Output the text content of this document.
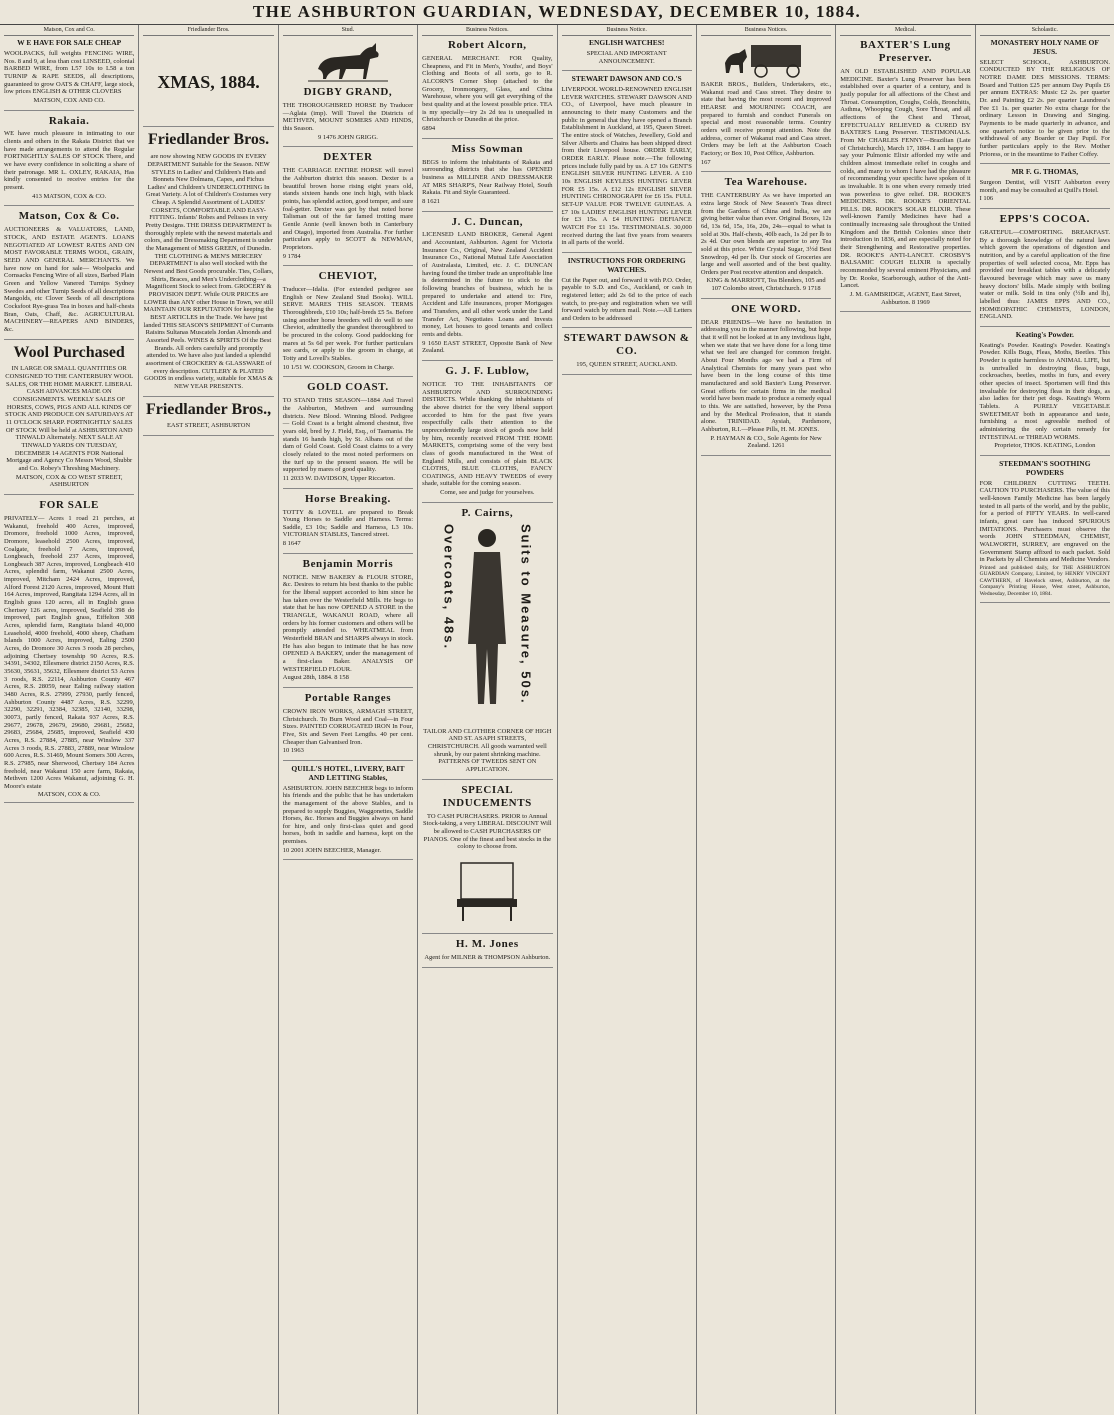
THE ASHBURTON GUARDIAN, WEDNESDAY, DECEMBER 10, 1884.
Matson, Cox and Co.
W E HAVE FOR SALE CHEAP

WOOLPACKS, full weights FENCING WIRE, Nos. 8 and 9, at less than cost LINSEED, colonial BARBED WIRE, from L57 10s to L58 a ton TURNIP & RAPE SEEDS, all descriptions, guaranteed to grow OATS & CHAFF, large stock, low prices ENGLISH & OTHER CLOVERS

MATSON, COX AND CO.

Rakaia.

WE have much pleasure in intimating to our clients and others in the Rakaia District that we have made arrangements to attend the Regular FORTNIGHTLY SALES OF STOCK There, and we have every confidence in soliciting a share of their patronage. MR L. OXLEY, RAKAIA, Has kindly consented to receive entries for the present.

413 MATSON, COX & CO.

Matson, Cox & Co.

AUCTIONEERS & VALUATORS, LAND, STOCK, AND ESTATE AGENTS. LOANS NEGOTIATED AT LOWEST RATES AND ON MOST FAVORABLE TERMS WOOL, GRAIN, SEED AND GENERAL MERCHANTS. We have now on hand for sale— Woolpacks and Cornsacks Fencing Wire of all sizes, Barbed Plain Green and Yellow Vanered Turnips Sydney Swedes and other Turnip Seeds of all descriptions Mangolds, etc Clover Seeds of all descriptions Cocksfoot Rye-grass Tea in boxes and half-chests Bran, Oats, Chaff, &c. AGRICULTURAL MACHINERY—REAPERS AND BINDERS, &c.

Wool Purchased

IN LARGE OR SMALL QUANTITIES OR CONSIGNED TO THE CANTERBURY WOOL SALES, OR THE HOME MARKET. LIBERAL CASH ADVANCES MADE ON CONSIGNMENTS. WEEKLY SALES OF HORSES, COWS, PIGS AND ALL KINDS OF STOCK AND PRODUCE ON SATURDAYS AT 11 O'CLOCK SHARP. FORTNIGHTLY SALES OF STOCK Will be held at ASHBURTON AND TINWALD Alternately. NEXT SALE AT TINWALD YARDS ON TUESDAY, DECEMBER 14 AGENTS FOR National Mortgage and Agency Co Messrs Wood, Shubbr and Co. Robey's Threshing Machinery.

MATSON, COX & CO WEST STREET, ASHBURTON

FOR SALE

PRIVATELY— Acres 1 road 21 perches, at Wakanui, freehold 400 Acres, improved, Dromore, freehold 1000 Acres, improved, Dromore, leasehold 2500 Acres, improved, Coalgate, freehold 7 Acres, improved, Longbeach, freehold 237 Acres, improved, Longbeach 387 Acres, improved, Longbeach 410 Acres, splendid farm, Wakanui 2500 Acres, improved, Mitcham 2424 Acres, improved, Alford Forest 2120 Acres, improved, Mount Hutt 164 Acres, improved, Rangitata 1294 Acres, all in English grass 120 acres, all in English grass Chertsey 126 acres, improved, Seafield 398 do improved, part English grass, Eiffelton 308 Acres, splendid farm, Rangitata Island 40,000 Leasehold, 4000 freehold, 4000 sheep, Chatham Islands 1000 Acres, improved, Ealing 2500 Acres, do Dromore 30 Acres 3 roods 28 perches, adjoining Chertsey township 90 Acres, R.S. 34391, 34302, Ellesmere district 2150 Acres, R.S. 35630, 35631, 35632, Ellesmere district 53 Acres 3 roods, R.S. 22114, Ashburton County 467 Acres, R.S. 28059, near Ealing railway station 3480 Acres, R.S. 27999, 27930, partly fenced, Ashburton County 4487 Acres, R.S. 32299, 32290, 32291, 32384, 32385, 32140, 33298, 30073, partly fenced, Rakaia 937 Acres, R.S. 29677, 29678, 29679, 29680, 29681, 25682, 29683, 25684, 25685, improved, Seafield 430 Acres, R.S. 27884, 27885, near Winslow 337 Acres 3 roods, R.S. 27883, 27889, near Winslow 600 Acres, R.S. 31469, Mount Somers 300 Acres, R.S. 27985, near Sherwood, Chertsey 184 Acres freehold, near Wakanui 150 acre farm, Rakaia, Methven 1200 Acres Wakanui, adjoining G. H. Moore's estate

MATSON, COX & CO.

Friedlander Bros.
XMAS, 1884.
Friedlander Bros.

are now showing NEW GOODS IN EVERY DEPARTMENT Suitable for the Season. NEW STYLES in Ladies' and Children's Hats and Bonnets New Dolmans, Capes, and Fichus Ladies' and Children's UNDERCLOTHING In Great Variety. A lot of Children's Costumes very Cheap. A Splendid Assortment of LADIES' CORSETS, COMFORTABLE AND EASY-FITTING. Infants' Robes and Pelisses in very Pretty Designs. THE DRESS DEPARTMENT Is thoroughly replete with the newest materials and colors, and the Dressmaking Department is under the Management of MISS GREEN, of Dunedin. THE CLOTHING & MEN'S MERCERY DEPARTMENT is also well stocked with the Newest and Best Goods procurable. Ties, Collars, Shirts, Braces, and Men's Underclothing—a Magnificent Stock to select from. GROCERY & PROVISION DEPT. While OUR PRICES are LOWER than ANY other House in Town, we still MAINTAIN OUR REPUTATION for keeping the BEST ARTICLES in the Trade. We have just landed THIS SEASON'S SHIPMENT of Currants Raisins Sultanas Muscatels Jordan Almonds and Assorted Peels. WINES & SPIRITS Of the Best Brands. All orders carefully and promptly attended to. We have also just landed a splendid assortment of CROCKERY & GLASSWARE of every description. CUTLERY & PLATED GOODS in endless variety, suitable for XMAS & NEW YEAR PRESENTS.

Friedlander Bros.,

EAST STREET, ASHBURTON

Stud.
DIGBY GRAND,

THE THOROUGHBRED HORSE By Traducer—Aglaia (imp). Will Travel the Districts of METHVEN, MOUNT SOMERS AND HINDS, this Season.

9 1476 JOHN GRIGG.

DEXTER

THE CARRIAGE ENTIRE HORSE will travel the Ashburton district this season. Dexter is a beautiful brown horse rising eight years old, stands sixteen hands one inch high, with black points, has splendid action, good temper, and sure foal-getter. Dexter was got by that noted horse Talisman out of the far famed trotting mare Gentle Annie (well known both in Canterbury and Otago), imported from Australia. For further particulars apply to SCOTT & NEWMAN, Proprietors.

9 1784

CHEVIOT,

Traducer—Idalia. (For extended pedigree see English or New Zealand Stud Books). WILL SERVE MARES THIS SEASON. TERMS Thoroughbreds, £10 10s; half-breds £5 5s. Before using another horse breeders will do well to see Cheviot, admittedly the grandest thoroughbred to be procured in the colony. Good paddocking for mares at 5s 6d per week. For further particulars see cards, or apply to the groom in charge, at Totty and Lovell's Stables.

10 1/51 W. COOKSON, Groom in Charge.

GOLD COAST.

TO STAND THIS SEASON—1884 And Travel the Ashburton, Methven and surrounding districts. New Blood. Winning Blood. Pedigree — Gold Coast is a bright almond chestnut, five years old, bred by J. Field, Esq., of Tasmania. He stands 16 hands high, by St. Albans out of the dam of Gold Coast. Gold Coast claims to a very closely related to the most noted performers on the turf up to the present season. He will be supported by mares of good quality.

11 2033 W. DAVIDSON, Upper Riccarton.

Horse Breaking.

TOTTY & LOVELL are prepared to Break Young Horses to Saddle and Harness. Terms: Saddle, £3 10s; Saddle and Harness, L3 10s. VICTORIAN STABLES, Tancred street.

8 1647

Benjamin Morris

NOTICE. NEW BAKERY & FLOUR STORE, &c. Desires to return his best thanks to the public for the liberal support accorded to him since he has taken over the Westerfield Mills. He begs to state that he has now OPENED A STORE in the TRIANGLE, WAKANUI ROAD, where all orders by his former customers and others will be promptly attended to. WHEATMEAL from Westerfield BRAN and SHARPS always in stock. He has also begun to intimate that he has now OPENED A BAKERY, under the management of a first-class Baker. ANALYSIS OF WESTERFIELD FLOUR.

August 28th, 1884. 8 158

Portable Ranges

CROWN IRON WORKS, ARMAGH STREET, Christchurch. To Burn Wood and Coal—in Four Sizes. PAINTED CORRUGATED IRON In Four, Five, Six and Seven Feet Lengths. 40 per cent. Cheaper than Galvanised Iron.

10 1963

QUILL'S HOTEL, LIVERY, BAIT AND LETTING Stables,

ASHBURTON. JOHN BEECHER begs to inform his friends and the public that he has undertaken the management of the above Stables, and is prepared to supply Buggies, Waggonettes, Saddle Horses, &c. Horses and Buggies always on hand for hire, and only first-class quiet and good horses, both in saddle and harness, kept on the premises.

10 2001 JOHN BEECHER, Manager.

Business Notices.
Robert Alcorn,

GENERAL MERCHANT. FOR Quality, Cheapness, and Fit in Men's, Youths', and Boys' Clothing and Boots of all sorts, go to R. ALCORN'S Corner Shop (attached to the Grocery, Ironmongery, Glass, and China Warehouse, where you will get everything of the best quality and at the lowest possible price. TEA is my specially—try 2s 2d tea is unequalled in Christchurch or Dunedin at the price.

6894

Miss Sowman

BEGS to inform the inhabitants of Rakaia and surrounding districts that she has OPENED business as MILLINER AND DRESSMAKER AT MRS SHARP'S, Near Railway Hotel, South Rakaia. Fit and Style Guaranteed.

8 1621

J. C. Duncan,

LICENSED LAND BROKER, General Agent and Accountant, Ashburton. Agent for Victoria Insurance Co., Original, New Zealand Accident Insurance Co., National Mutual Life Association of Australasia, Limited, etc. J. C. DUNCAN having found the timber trade an unprofitable line is determined in the future to stick to the following branches of business, which he is prepared to undertake and attend to: Fire, Accident and Life insurances, proper Mortgages and Transfers, and all other work under the Land Transfer Act, Negotiates Loans and Invests money, Let houses to good tenants and collect rents and debts.

9 1650 EAST STREET, Opposite Bank of New Zealand.

G. J. F. Lublow,

NOTICE TO THE INHABITANTS OF ASHBURTON AND SURROUNDING DISTRICTS. While thanking the inhabitants of the above district for the very liberal support accorded to him for the past five years respectfully calls their attention to the unprecedentedly large stock of goods now held by him, recently received FROM THE HOME MARKETS, comprising some of the very best class of goods manufactured in the West of England Mills, and consists of plain BLACK CLOTHS, BLUE CLOTHS, FANCY COATINGS, AND HEAVY TWEEDS of every shade, suitable for the coming season.

Come, see and judge for yourselves.

P. Cairns,
Overcoats, 48s.	Suits to Measure, 50s.

TAILOR AND CLOTHIER CORNER OF HIGH AND ST. ASAPH STREETS, CHRISTCHURCH. All goods warranted well shrunk, by our patent shrinking machine. PATTERNS OF TWEEDS SENT ON APPLICATION.

SPECIAL INDUCEMENTS

TO CASH PURCHASERS. PRIOR to Annual Stock-taking, a very LIBERAL DISCOUNT Will be allowed to CASH PURCHASERS OF PIANOS. One of the finest and best stocks in the colony to choose from.

H. M. Jones

Agent for MILNER & THOMPSON Ashburton.

Business Notice.
ENGLISH WATCHES!

SPECIAL AND IMPORTANT ANNOUNCEMENT.

STEWART DAWSON AND CO.'S

LIVERPOOL WORLD-RENOWNED ENGLISH LEVER WATCHES. STEWART DAWSON AND CO., of Liverpool, have much pleasure in announcing to their many Customers and the public in general that they have opened a Branch Establishment in Auckland, at 195, Queen Street. The entire stock of Watches, Jewellery, Gold and Silver Alberts and Chains has been shipped direct from their Liverpool house. ORDER EARLY, ORDER EARLY. Please note.—The following prices include fully paid by us. A £7 10s GENT'S ENGLISH SILVER HUNTING LEVER. A £10 10s ENGLISH KEYLESS HUNTING LEVER FOR £5 15s. A £12 12s ENGLISH SILVER HUNTING CHRONOGRAPH for £6 15s. FULL SET-UP VALUE FOR TWELVE GUINEAS. A £7 10s LADIES' ENGLISH HUNTING LEVER for £3 15s. A £4 HUNTING DEFIANCE WATCH For £1 15s. TESTIMONIALS. 30,000 received during the last five years from wearers in all parts of the world.

INSTRUCTIONS FOR ORDERING WATCHES.

Cut the Paper out, and forward it with P.O. Order, payable to S.D. and Co., Auckland, or cash in registered letter; add 2s 6d to the price of each watch, to pre-pay and registration when we will forward watch by return mail. Note.—All Letters and Orders to be addressed

STEWART DAWSON & CO.

195, QUEEN STREET, AUCKLAND.

Business Notices.

BAKER BROS., Builders, Undertakers, etc., Wakanui road and Cass street. They desire to state that having the most recent and improved HEARSE and MOURNING COACH, are prepared to furnish and conduct Funerals on special and most reasonable terms. Country orders will receive prompt attention. Note the address, corner of Wakanui road and Cass street. Orders may be left at the Ashburton Coach Factory; or Box 10, Post Office, Ashburton.

167

Tea Warehouse.

THE CANTERBURY As we have imported an extra large Stock of New Season's Teas direct from the Gardens of China and India, we are giving better value than ever. Original Boxes, 12s 6d, 13s 6d, 15s, 16s, 20s, 24s—equal to what is sold at 30s. Half-chests, 40lb each, 1s 2d per lb to 2s 4d. Our own blends are superior to any Tea sold at this price. White Crystal Sugar, 3½d Best Snowdrop, 4d per lb. Our stock of Groceries are large and well assorted and of the best quality. Orders per Post receive attention and despatch.

KING & MARRIOTT, Tea Blenders, 105 and 107 Colombo street, Christchurch. 9 1718

ONE WORD.

DEAR FRIENDS—We have no hesitation in addressing you in the manner following, but hope that it will not be looked at in any invidious light, when we state that we have done for a long time what we feel are changed for common freight. About Four Months ago we had a Firm of Analytical Chemists for many years past who have been in the long course of this time manufactured and sold Baxter's Lung Preserver. Great efforts for certain firms in the medical world have been made to produce a remedy equal to this. We are satisfied, however, by the Press and by the Medical Profession, that it stands alone. TRINIDAD. Aysiah, Pardsmore, Ashburton, R.I.—Please Pills, H. M. JONES.

P. HAYMAN & CO., Sole Agents for New Zealand. 1261

Medical.
BAXTER'S Lung Preserver.

AN OLD ESTABLISHED AND POPULAR MEDICINE. Baxter's Lung Preserver has been established over a quarter of a century, and is justly popular for all affections of the Chest and Throat. Consumption, Coughs, Colds, Bronchitis, Asthma, Whooping Cough, Sore Throat, and all affections of the Chest and Throat, EFFECTUALLY RELIEVED & CURED BY BAXTER'S Lung Preserver. TESTIMONIALS. From Mr CHARLES FENNY—Brazilian (Late of Christchurch), March 17, 1884. I am happy to say your Pulmonic Elixir afforded my wife and children almost immediate relief in coughs and colds, and many to whom I have had the pleasure of recommending your specific have spoken of it as invaluable. It is one when every remedy tried was powerless to give relief. DR. ROOKE'S MEDICINES. DR. ROOKE'S ORIENTAL PILLS. DR. ROOKE'S SOLAR ELIXIR. These well-known Family Medicines have had a continually increasing sale throughout the United Kingdom and the British Colonies since their introduction in 1836, and are especially noted for their Strengthening and Restorative properties. DR. ROOKE'S ANTI-LANCET. CROSBY'S BALSAMIC COUGH ELIXIR is specially recommended by several eminent Physicians, and by Dr. Rooke, Scarborough, author of the Anti-Lancet.

J. M. GAMBRIDGE, AGENT, East Street, Ashburton. 8 1969

Scholastic.
MONASTERY HOLY NAME OF JESUS.

SELECT SCHOOL, ASHBURTON. CONDUCTED BY THE RELIGIOUS OF NOTRE DAME DES MISSIONS. TERMS: Board and Tuition £25 per annum Day Pupils £6 per annum EXTRAS: Music £2 2s. per quarter Dr. and Painting £2 2s. per quarter Laundress's Fee £1 1s. per quarter No extra charge for the ordinary Lesson in Drawing and Singing. Payments to be made quarterly in advance, and one quarter's notice to be given prior to the withdrawal of any Boarder or Day Pupil. For further particulars apply to the Rev. Mother Prioress, or in the meantime to Father Coffey.

MR F. G. THOMAS,

Surgeon Dentist, will VISIT Ashburton every month, and may be consulted at Quill's Hotel.

I 106

EPPS'S COCOA.

GRATEFUL—COMFORTING. BREAKFAST. By a thorough knowledge of the natural laws which govern the operations of digestion and nutrition, and by a careful application of the fine properties of well selected cocoa, Mr. Epps has provided our breakfast tables with a delicately flavoured beverage which may save us many heavy doctors' bills. Made simply with boiling water or milk. Sold in tins only (½lb and lb), labelled thus: JAMES EPPS AND CO., HOMŒOPATHIC CHEMISTS, LONDON, ENGLAND.

Keating's Powder.

Keating's Powder. Keating's Powder. Keating's Powder. Kills Bugs, Fleas, Moths, Beetles. This Powder is quite harmless to ANIMAL LIFE, but is unrivalled in destroying fleas, bugs, cockroaches, beetles, moths in furs, and every other species of insect. Sportsmen will find this invaluable for destroying fleas in their dogs, as also ladies for their pet dogs. Keating's Worm Tablets. A PURELY VEGETABLE SWEETMEAT both in appearance and taste, furnishing a most agreeable method of administering the only certain remedy for INTESTINAL or THREAD WORMS.

Proprietor, THOS. KEATING, London

STEEDMAN'S SOOTHING POWDERS

FOR CHILDREN CUTTING TEETH. CAUTION TO PURCHASERS. The value of this well-known Family Medicine has been largely tested in all parts of the world, and by the public, for a period of FIFTY YEARS. In well-cared infants, great care has induced SPURIOUS IMITATIONS. Purchasers must observe the words JOHN STEEDMAN, CHEMIST, WALWORTH, SURREY, are engraved on the Government Stamp affixed to each packet. Sold in Packets by all Chemists and Medicine Vendors.

Printed and published daily, for THE ASHBURTON GUARDIAN Company, Limited, by HENRY VINCENT CAWTHERN, of Havelock street, Ashburton, at the Company's Printing House, West street, Ashburton, Wednesday, December 10, 1884.
